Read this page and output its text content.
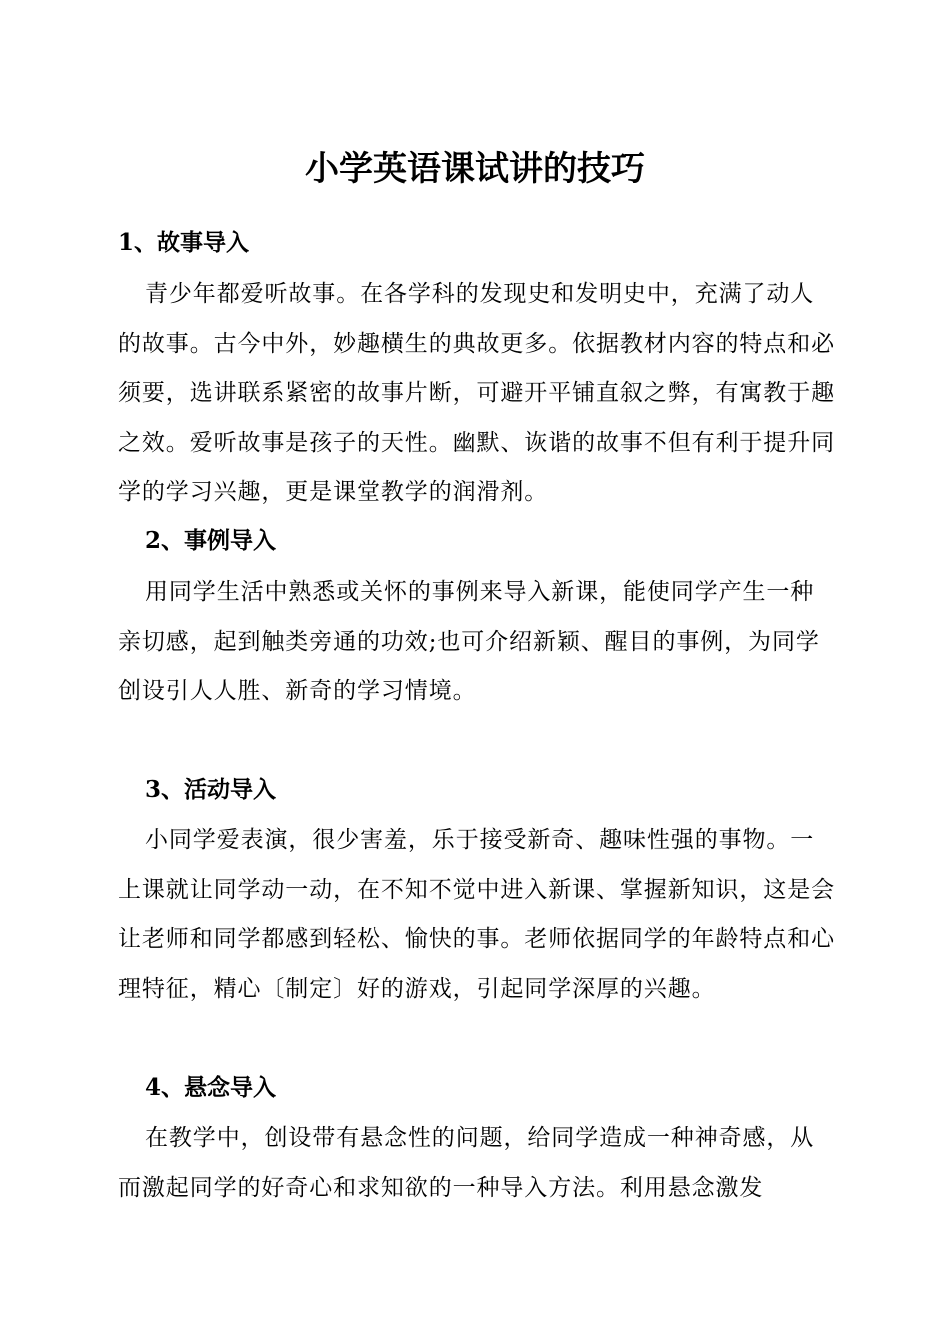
小学英语课试讲的技巧
1、故事导入

青少年都爱听故事。在各学科的发现史和发明史中，充满了动人的故事。古今中外，妙趣横生的典故更多。依据教材内容的特点和必须要，选讲联系紧密的故事片断，可避开平铺直叙之弊，有寓教于趣之效。爱听故事是孩子的天性。幽默、诙谐的故事不但有利于提升同学的学习兴趣，更是课堂教学的润滑剂。

2、事例导入

用同学生活中熟悉或关怀的事例来导入新课，能使同学产生一种亲切感，起到触类旁通的功效;也可介绍新颖、醒目的事例，为同学创设引人人胜、新奇的学习情境。

3、活动导入

小同学爱表演，很少害羞，乐于接受新奇、趣味性强的事物。一上课就让同学动一动，在不知不觉中进入新课、掌握新知识，这是会让老师和同学都感到轻松、愉快的事。老师依据同学的年龄特点和心理特征，精心〔制定〕好的游戏，引起同学深厚的兴趣。

4、悬念导入

在教学中，创设带有悬念性的问题，给同学造成一种神奇感，从而激起同学的好奇心和求知欲的一种导入方法。利用悬念激发
